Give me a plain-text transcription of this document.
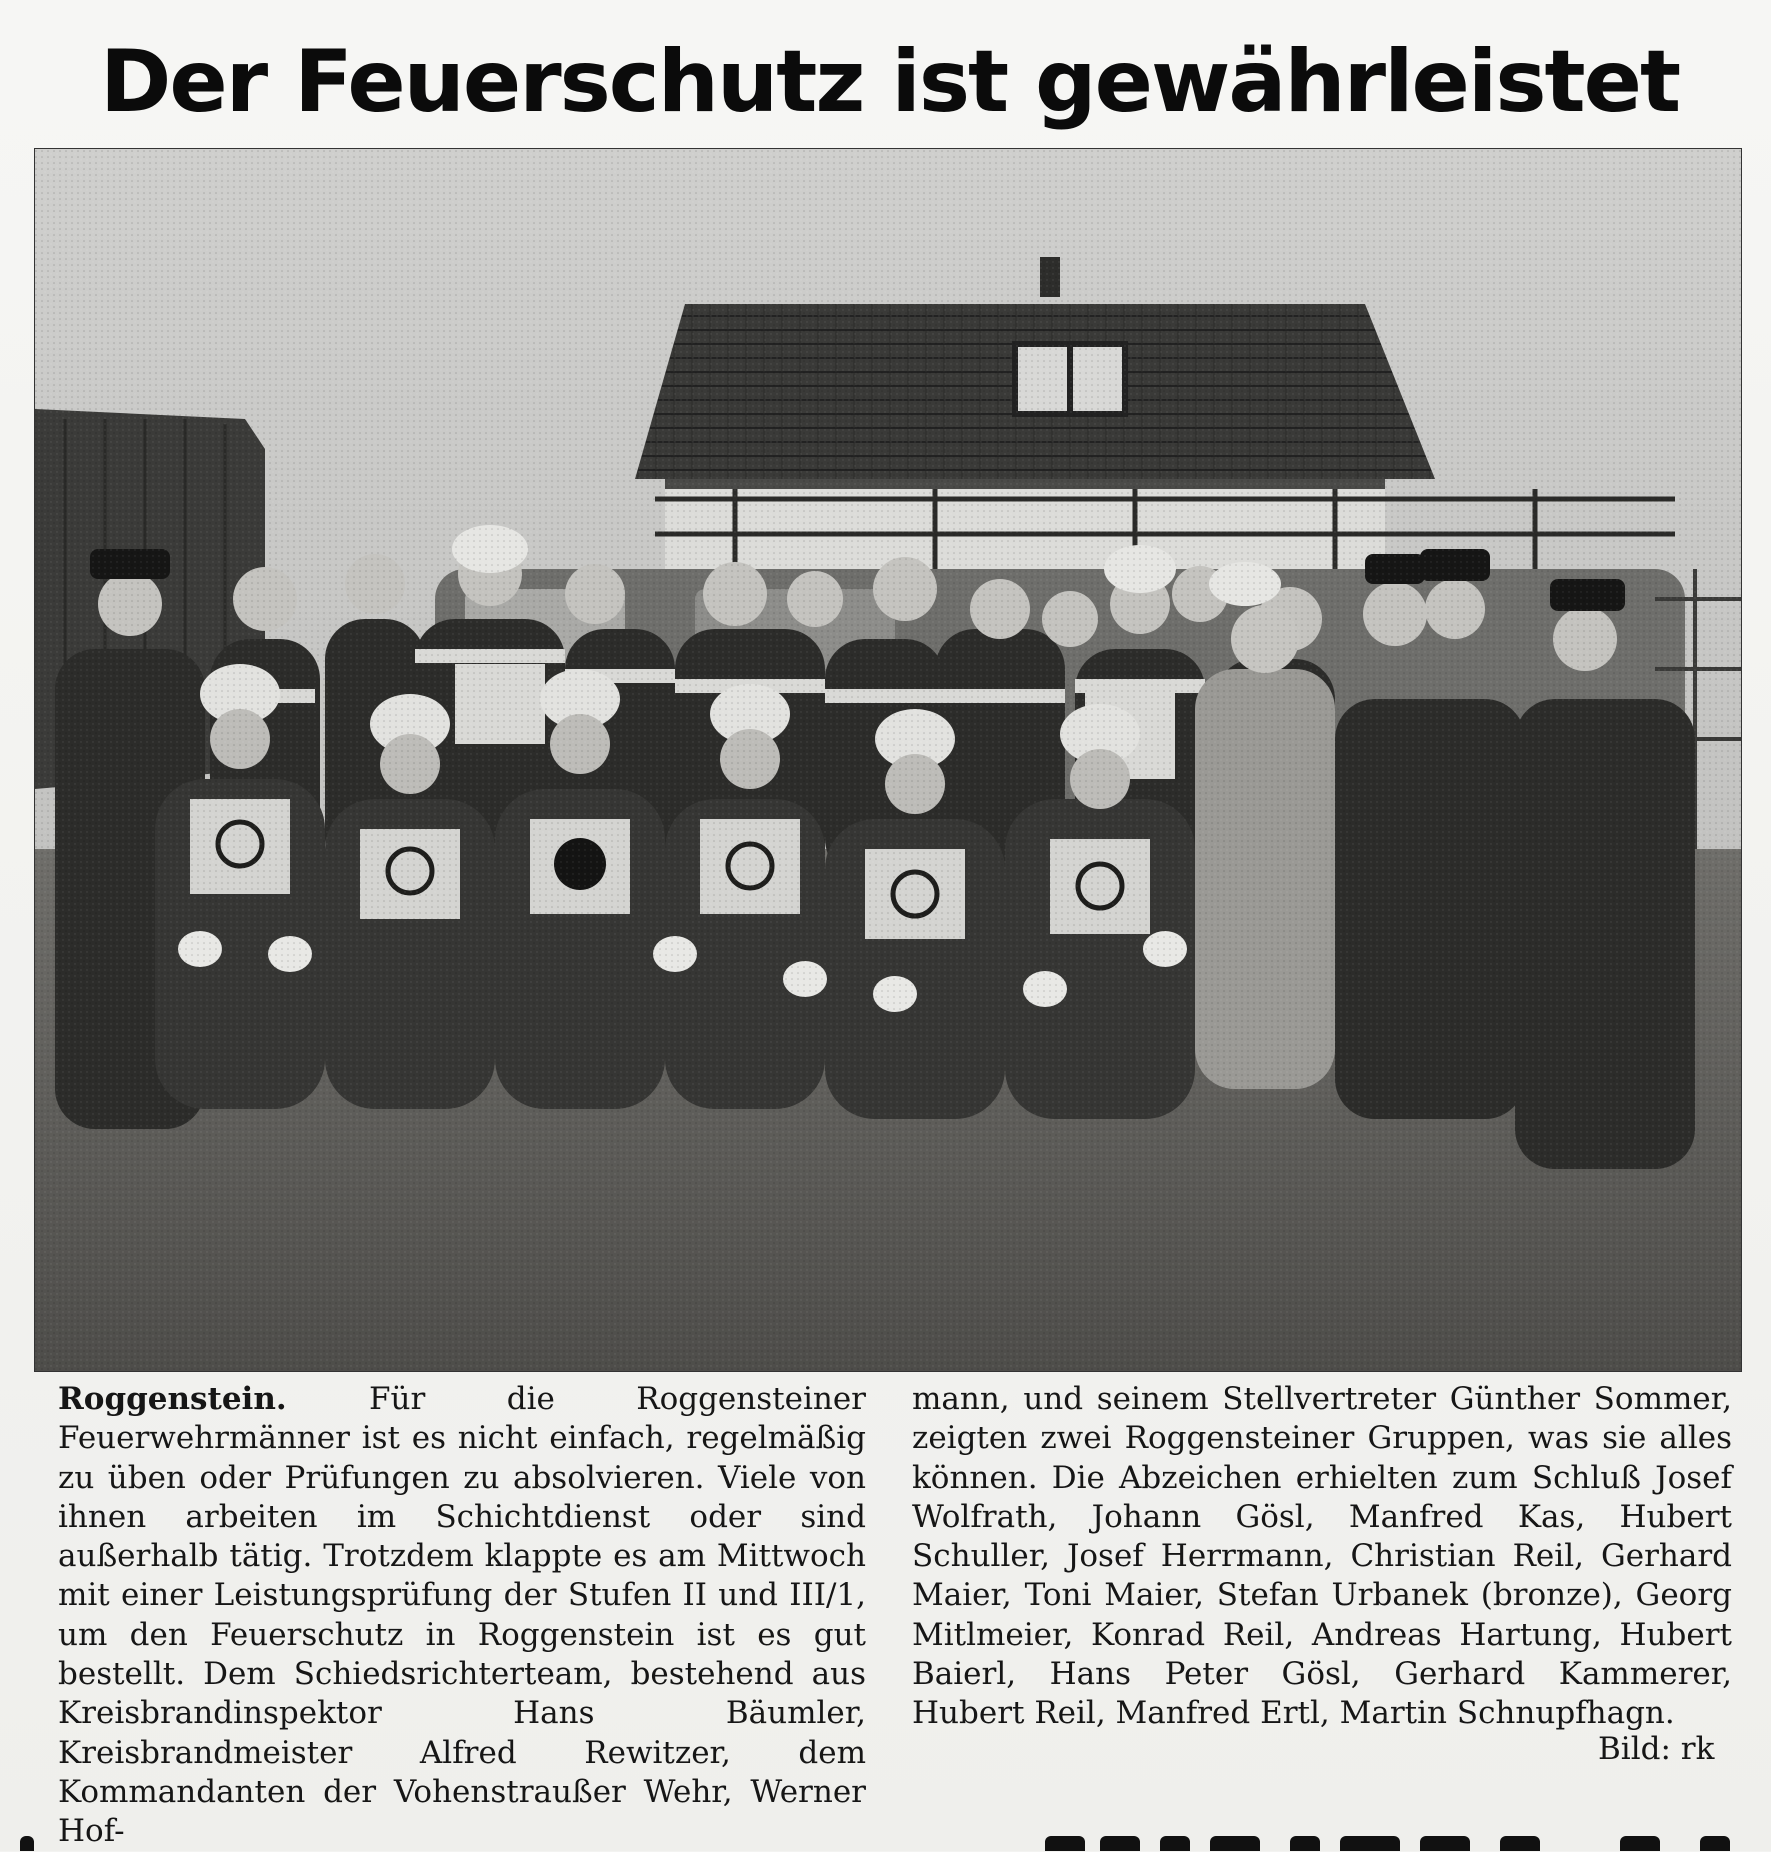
Der Feuerschutz ist gewährleistet
Roggenstein. Für die Roggensteiner Feuerwehrmänner ist es nicht einfach, regelmäßig zu üben oder Prüfungen zu absolvieren. Viele von ihnen arbeiten im Schichtdienst oder sind außerhalb tätig. Trotzdem klappte es am Mittwoch mit einer Leistungsprüfung der Stufen II und III/1, um den Feuerschutz in Roggenstein ist es gut bestellt. Dem Schiedsrichterteam, bestehend aus Kreisbrandinspektor Hans Bäumler, Kreisbrandmeister Alfred Rewitzer, dem Kommandanten der Vohenstraußer Wehr, Werner Hof-
mann, und seinem Stellvertreter Günther Sommer, zeigten zwei Roggensteiner Gruppen, was sie alles können. Die Abzeichen erhielten zum Schluß Josef Wolfrath, Johann Gösl, Manfred Kas, Hubert Schuller, Josef Herrmann, Christian Reil, Gerhard Maier, Toni Maier, Stefan Urbanek (bronze), Georg Mitlmeier, Konrad Reil, Andreas Hartung, Hubert Baierl, Hans Peter Gösl, Gerhard Kammerer, Hubert Reil, Manfred Ertl, Martin Schnupfhagn.
Bild: rk
